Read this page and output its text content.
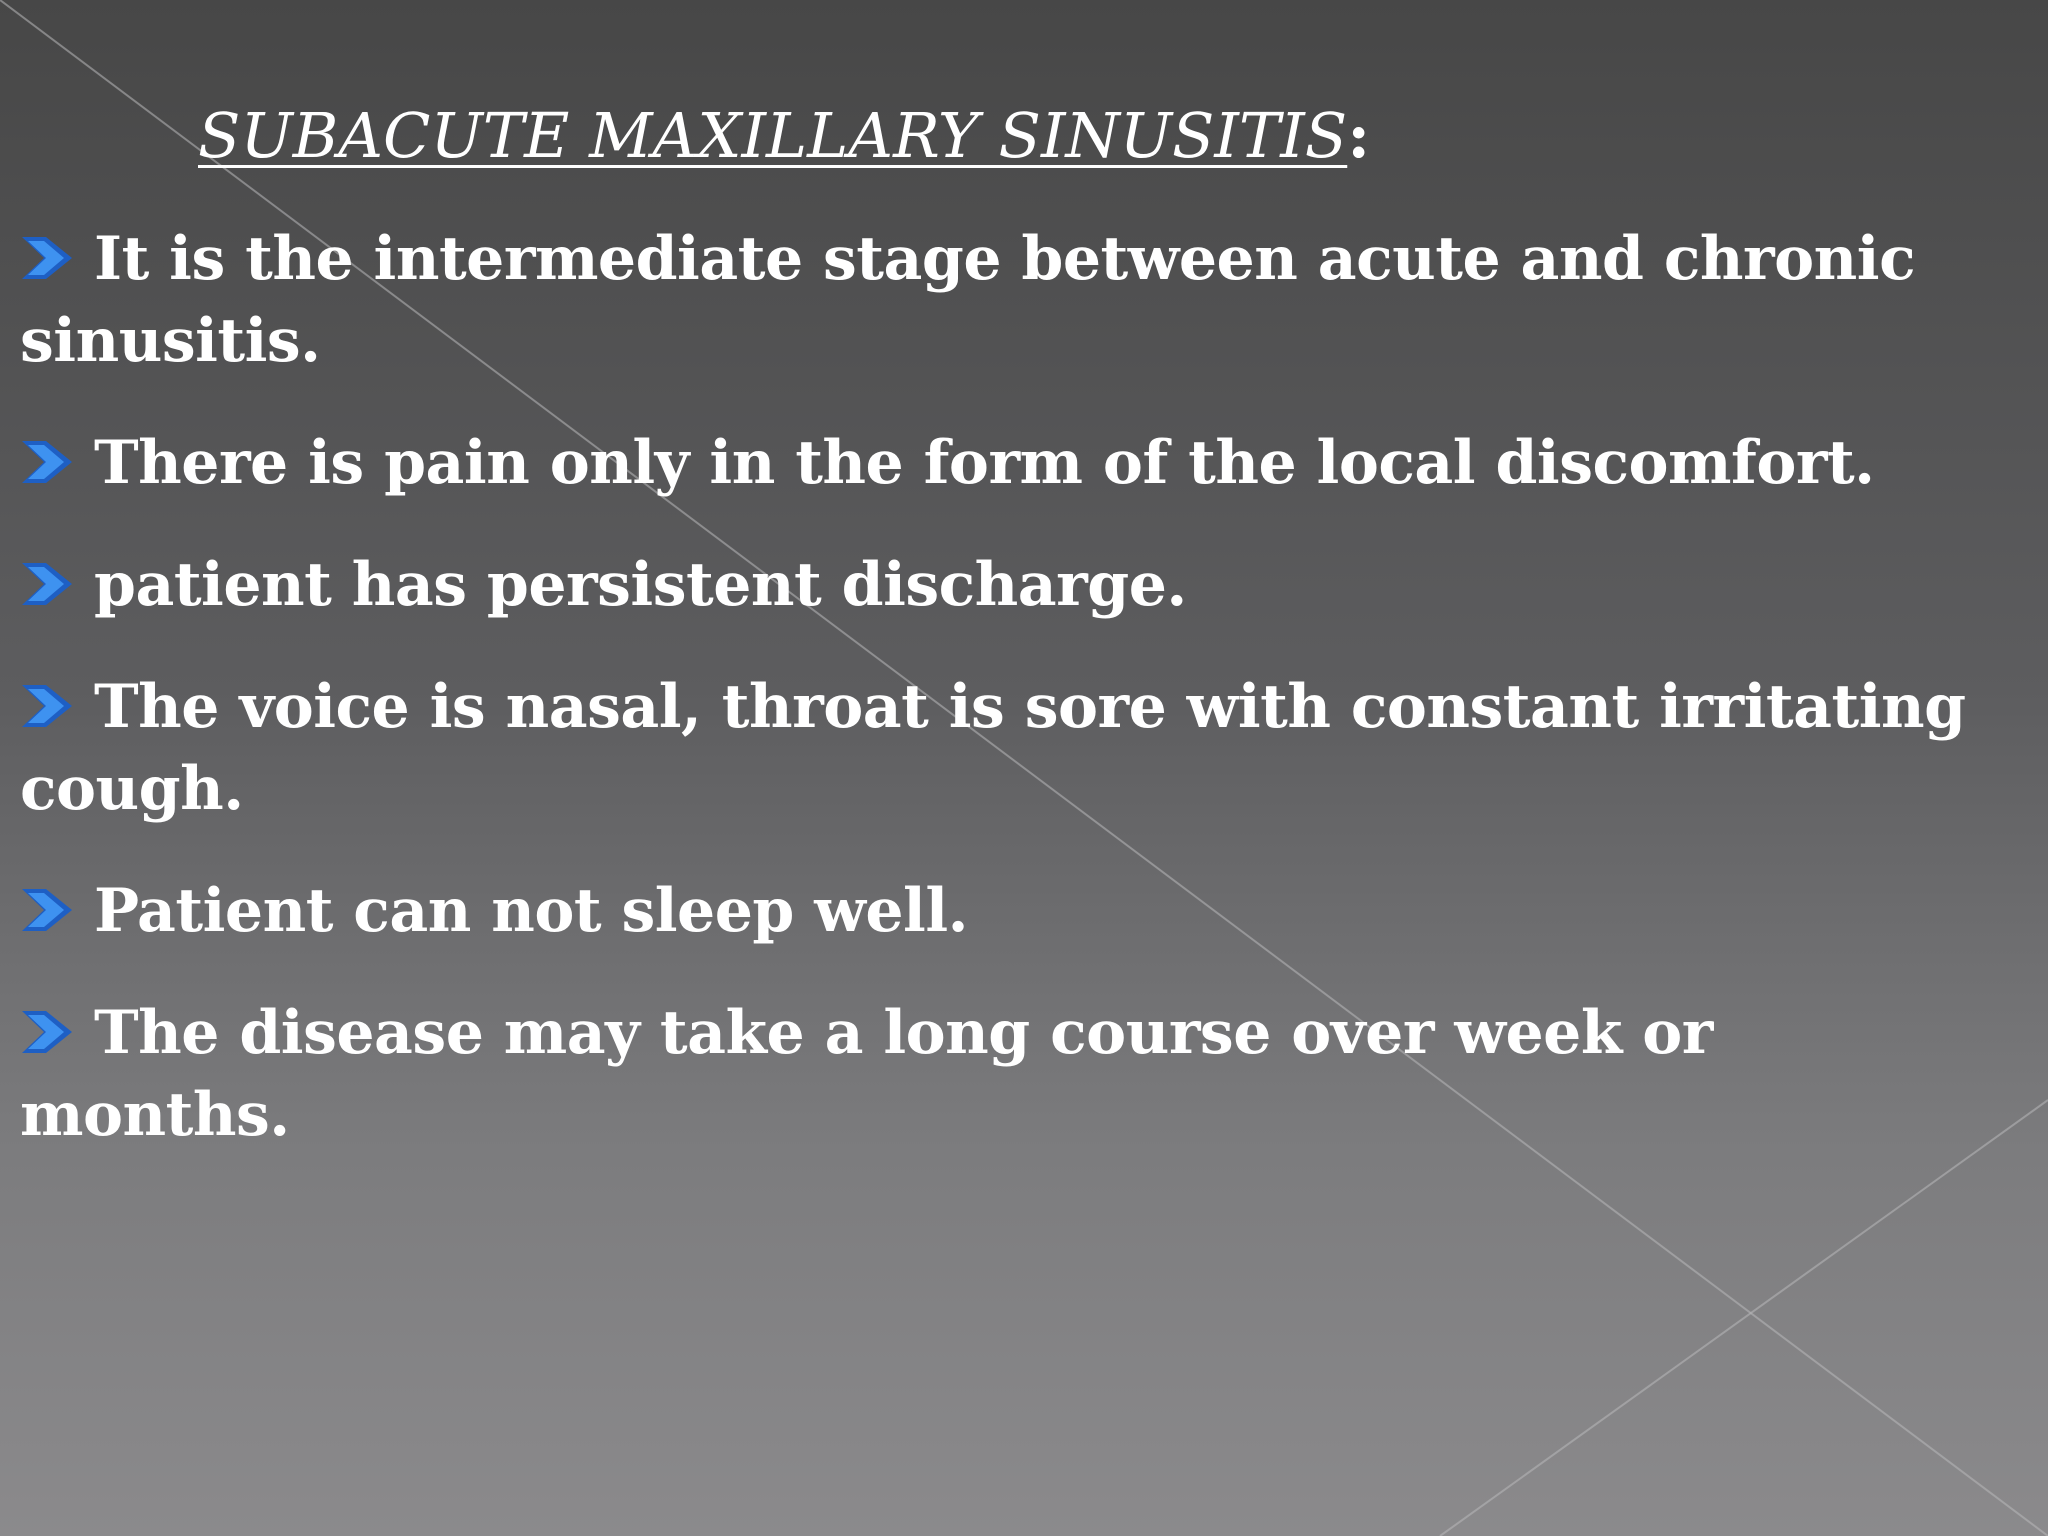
SUBACUTE MAXILLARY SINUSITIS:
It is the intermediate stage between acute and chronic sinusitis.
There is pain only in the form of the local discomfort.
patient has persistent discharge.
The voice is nasal, throat is sore with constant irritating cough.
Patient can not sleep well.
The disease may take a long course over week or months.
